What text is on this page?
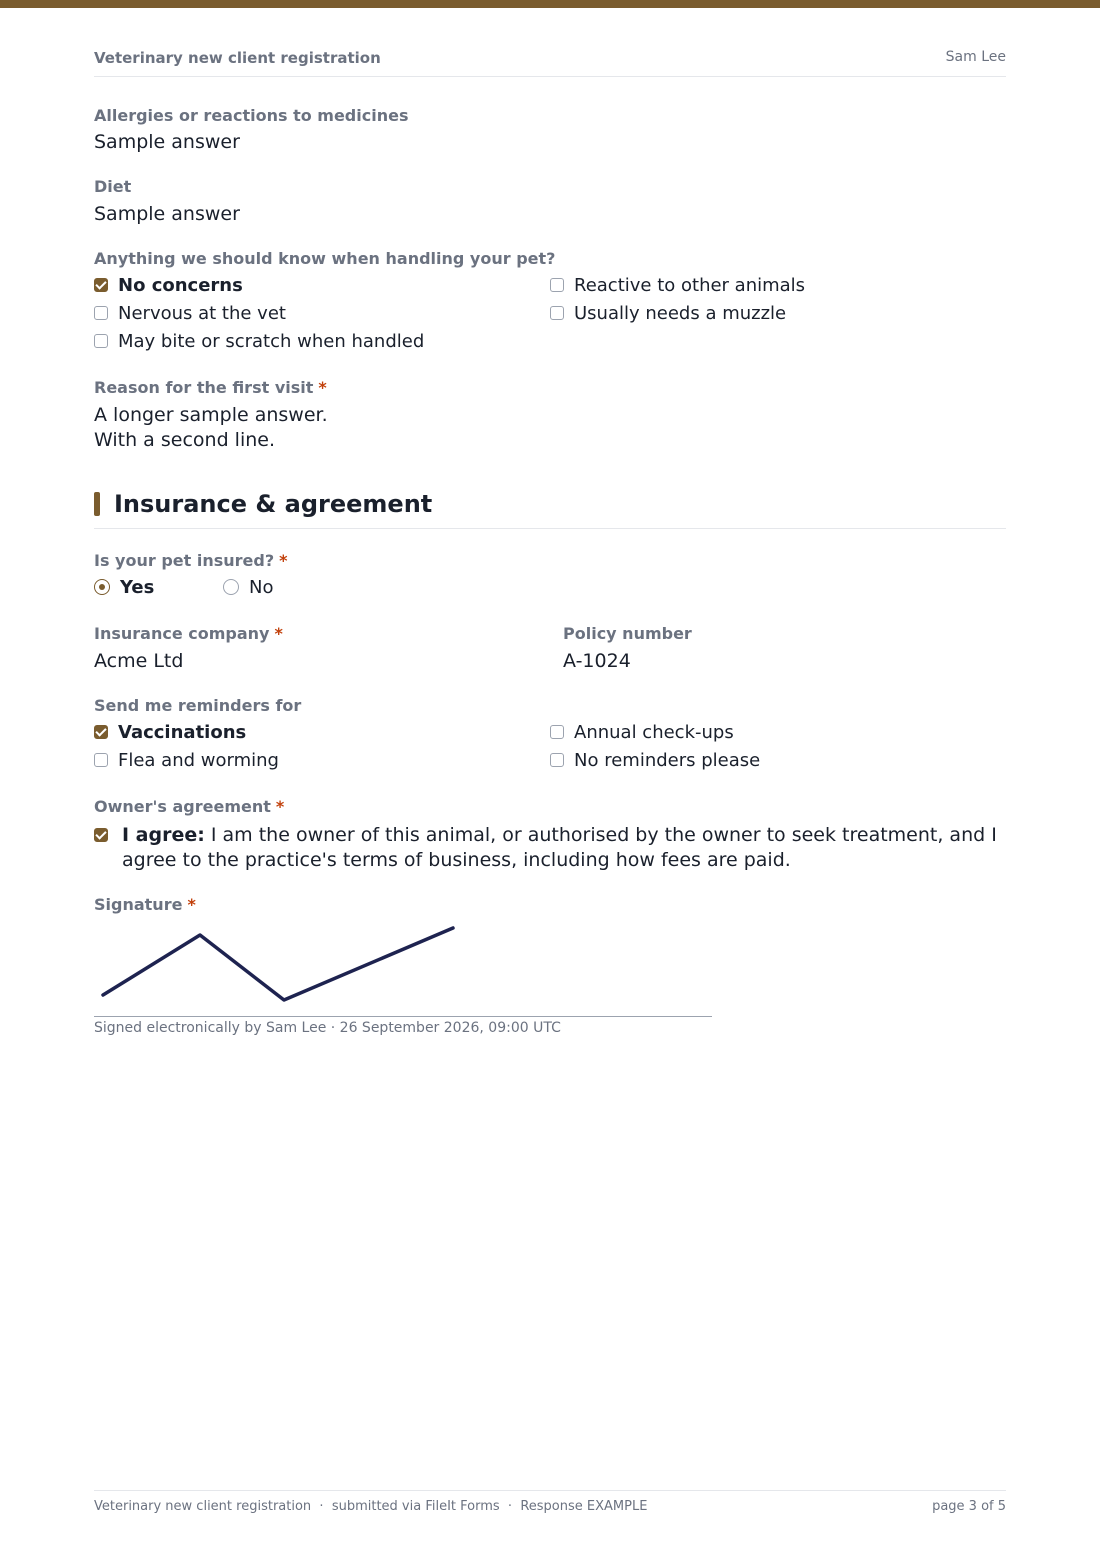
Veterinary new client registration	Sam Lee
Allergies or reactions to medicines
Sample answer
Diet
Sample answer
Anything we should know when handling your pet?
No concerns	Reactive to other animals
Nervous at the vet	Usually needs a muzzle
May bite or scratch when handled
Reason for the first visit *
A longer sample answer.
With a second line.
Insurance & agreement
Is your pet insured? *
Yes	No
Insurance company *
Acme Ltd
Policy number
A-1024
Send me reminders for
Vaccinations	Annual check-ups
Flea and worming	No reminders please
Owner's agreement *
I agree: I am the owner of this animal, or authorised by the owner to seek treatment, and I agree to the practice's terms of business, including how fees are paid.
Signature *
Signed electronically by Sam Lee · 26 September 2026, 09:00 UTC
Veterinary new client registration  ·  submitted via FileIt Forms  ·  Response EXAMPLE	page 3 of 5
